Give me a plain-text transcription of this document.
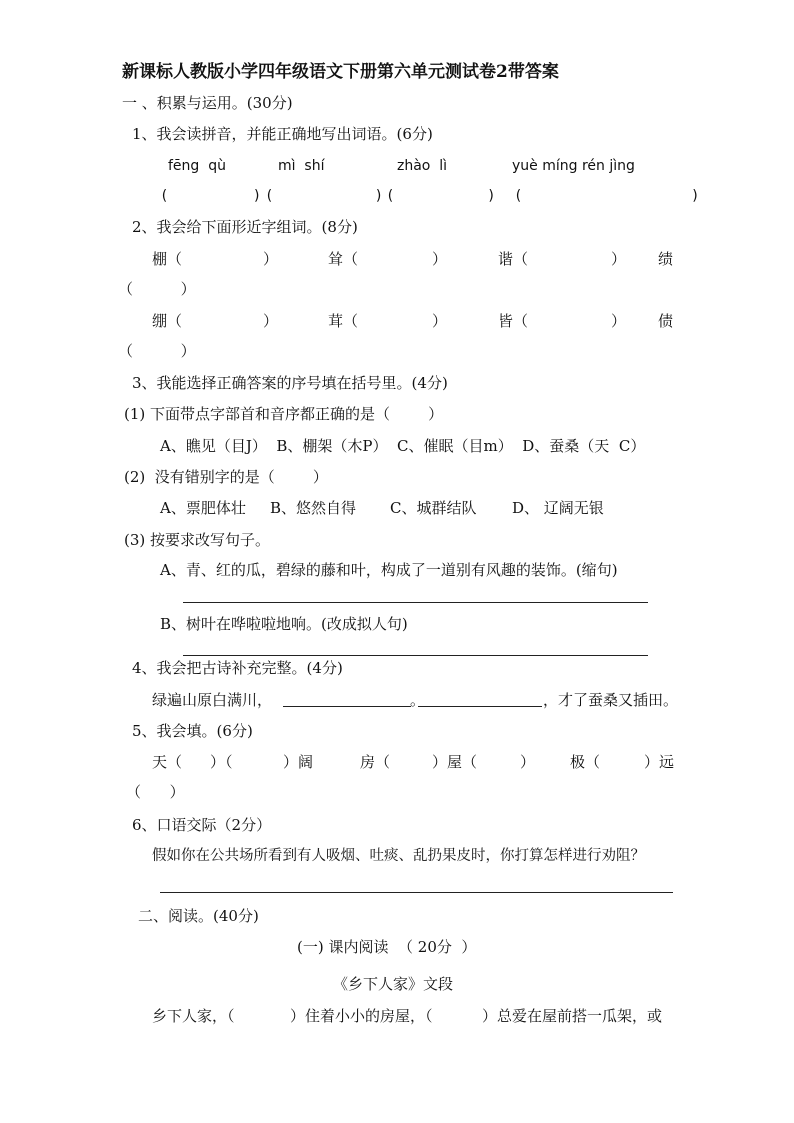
新课标人教版小学四年级语文下册第六单元测试卷2带答案
一 、积累与运用。(30分)
1、我会读拼音，并能正确地写出词语。(6分)
fēng  qù	mì  shí	zhào  lì	yuè míng rén jìng
(          ) (            ) (           ) (                    )
2、我会给下面形近字组词。(8分)
棚（	）	耸（	）	谐（	） 绩
（          ）
绷（	）	茸（	）	皆（	） 债
（          ）
3、我能选择正确答案的序号填在括号里。(4分)
(1) 下面带点字部首和音序都正确的是（        ）
A、瞧见（目J）  B、棚架（木P）  C、催眠（目m）  D、蚕桑（天  C）
(2)  没有错别字的是（        ）
A、票肥体壮 B、悠然自得 C、城群结队 D、 辽阔无银
(3) 按要求改写句子。
A、青、红的瓜，碧绿的藤和叶，构成了一道别有风趣的装饰。(缩句)
B、树叶在哗啦啦地响。(改成拟人句)
4、我会把古诗补充完整。(4分)
绿遍山原白满川，	。	，才了蚕桑又插田。
5、我会填。(6分)
天（ ）（	）阔	房（	）屋（	） 极（	）远
（      ）
6、口语交际（2分）
假如你在公共场所看到有人吸烟、吐痰、乱扔果皮时，你打算怎样进行劝阻？
二、阅读。(40分)
(一) 课内阅读  （ 20分  ）
《乡下人家》文段
乡下人家，（	）住着小小的房屋，（	）总爱在屋前搭一瓜架，或
